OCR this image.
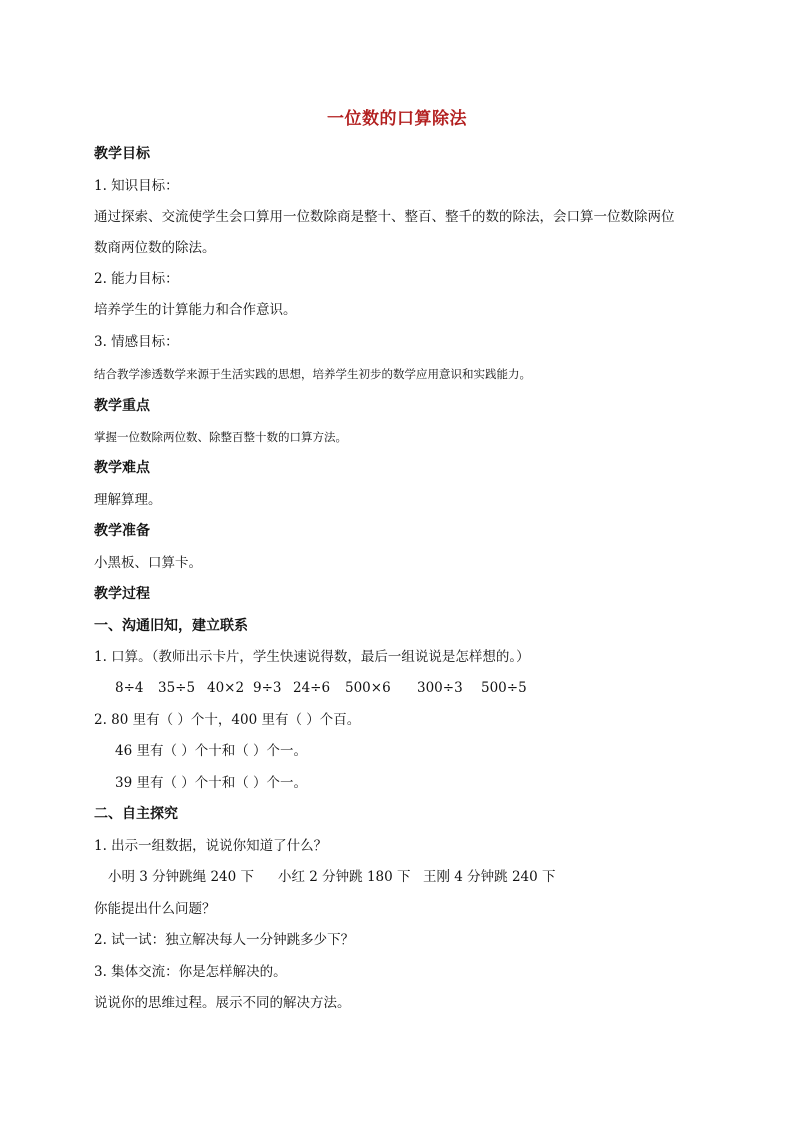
一位数的口算除法
教学目标
1. 知识目标：
通过探索、交流使学生会口算用一位数除商是整十、整百、整千的数的除法，会口算一位数除两位
数商两位数的除法。
2. 能力目标：
培养学生的计算能力和合作意识。
3. 情感目标：
结合教学渗透数学来源于生活实践的思想，培养学生初步的数学应用意识和实践能力。
教学重点
掌握一位数除两位数、除整百整十数的口算方法。
教学难点
理解算理。
教学准备
小黑板、口算卡。
教学过程
一、沟通旧知，建立联系
1. 口算。（教师出示卡片，学生快速说得数，最后一组说说是怎样想的。）
8÷4	35÷5 40×2 9÷3 24÷6	500×6	300÷3	500÷5
2. 80 里有（ ）个十，400 里有（ ）个百。
46 里有（ ）个十和（ ）个一。
39 里有（ ）个十和（ ）个一。
二、自主探究
1. 出示一组数据，说说你知道了什么？
小明 3 分钟跳绳 240 下	小红 2 分钟跳 180 下 王刚 4 分钟跳 240 下
你能提出什么问题？
2. 试一试：独立解决每人一分钟跳多少下？
3. 集体交流：你是怎样解决的。
说说你的思维过程。展示不同的解决方法。
